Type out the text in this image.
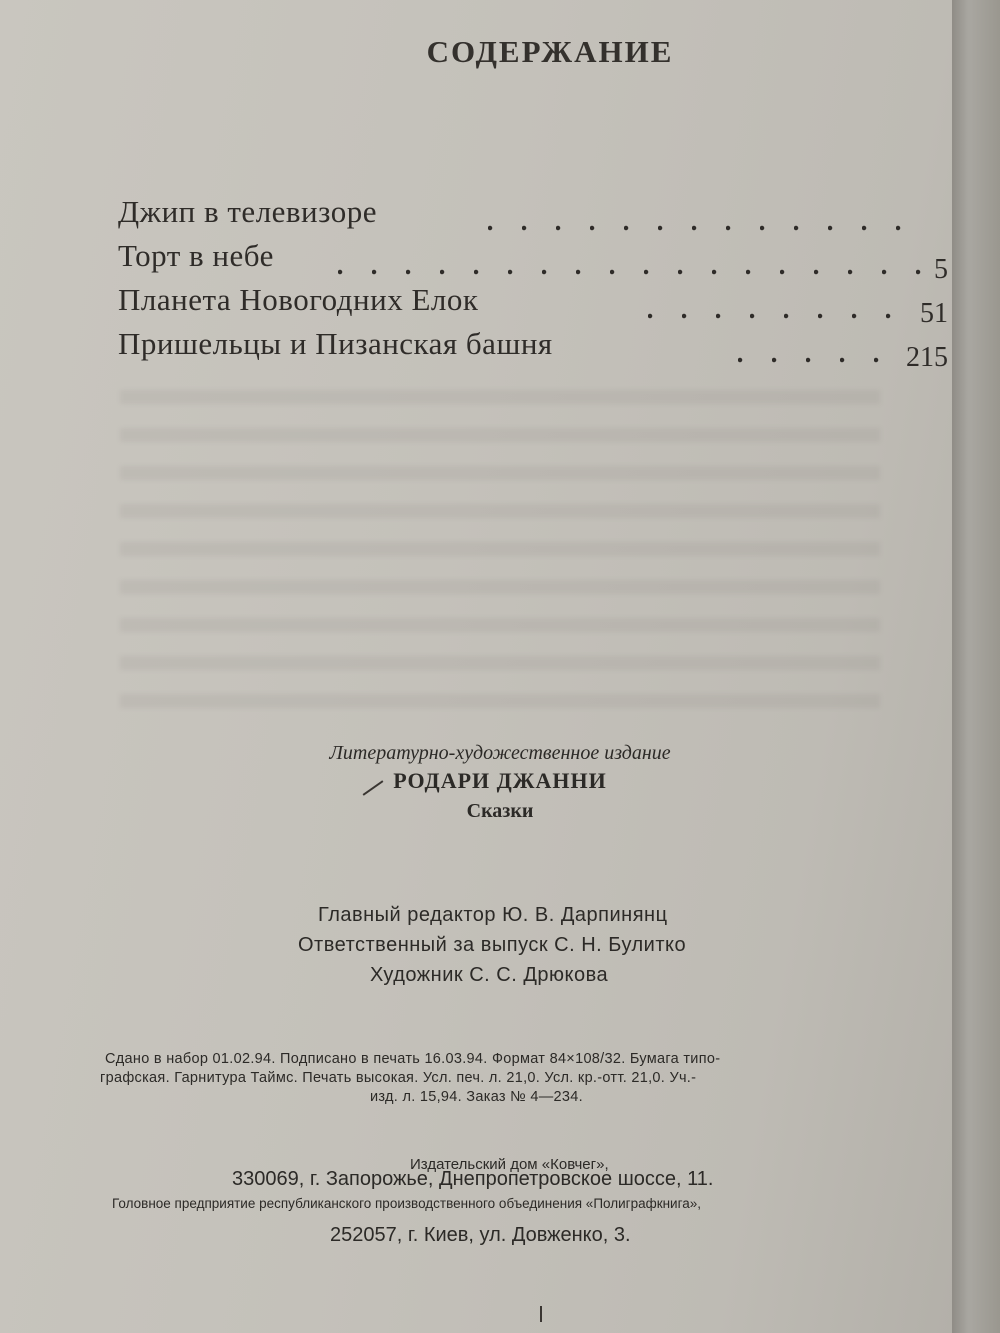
СОДЕРЖАНИЕ
Джип в телевизоре
Торт в небе	5
Планета Новогодних Елок	51
Пришельцы и Пизанская башня	215
Литературно-художественное издание
РОДАРИ ДЖАННИ
Сказки
Главный редактор Ю. В. Дарпинянц
Ответственный за выпуск С. Н. Булитко
Художник С. С. Дрюкова
Сдано в набор 01.02.94. Подписано в печать 16.03.94. Формат 84×108/32. Бумага типо-
графская. Гарнитура Таймс. Печать высокая. Усл. печ. л. 21,0. Усл. кр.-отт. 21,0. Уч.-
изд. л. 15,94. Заказ № 4—234.
Издательский дом «Ковчег»,
330069, г. Запорожье, Днепропетровское шоссе, 11.
Головное предприятие республиканского производственного объединения «Полиграфкнига»,
252057, г. Киев, ул. Довженко, 3.
